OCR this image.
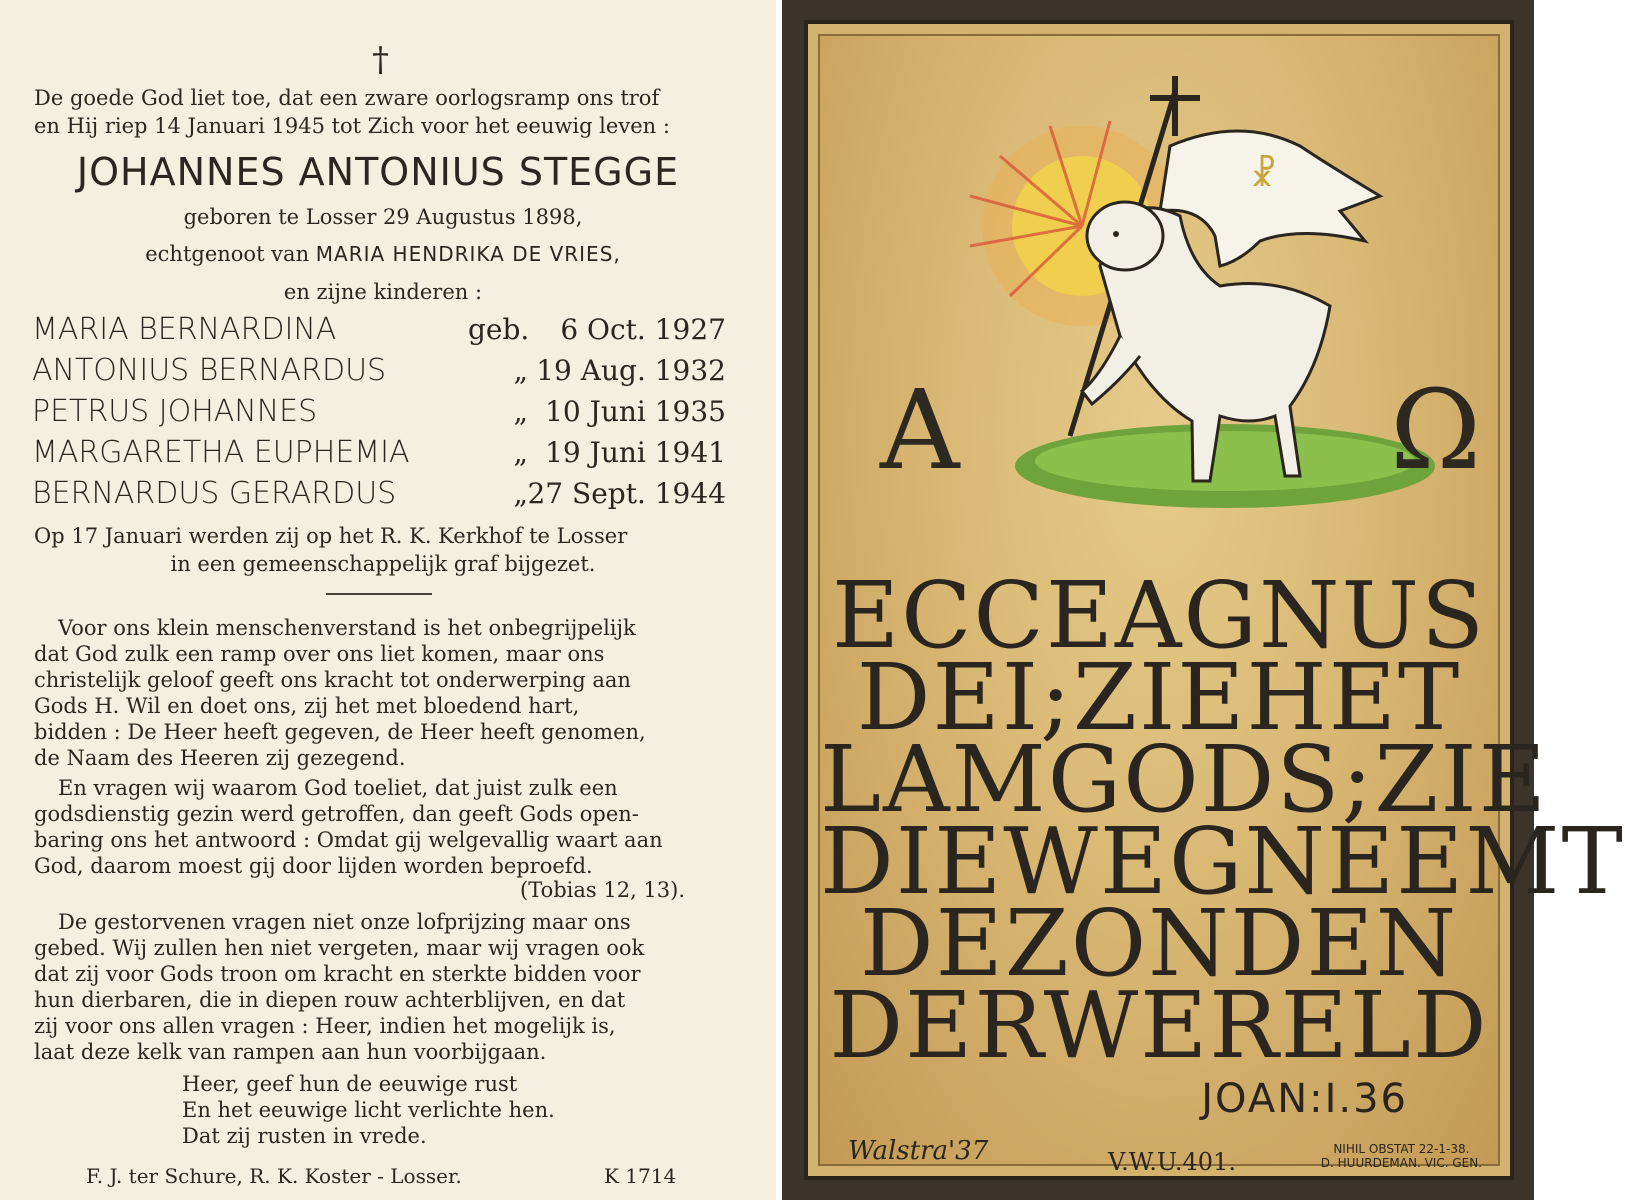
†
De goede God liet toe, dat een zware oorlogsramp ons trof
en Hij riep 14 Januari 1945 tot Zich voor het eeuwig leven :
JOHANNES ANTONIUS STEGGE
geboren te Losser 29 Augustus 1898,
echtgenoot van MARIA HENDRIKA DE VRIES,
en zijne kinderen :
MARIA BERNARDINA	geb. 6 Oct. 1927
ANTONIUS BERNARDUS	„ 19 Aug. 1932
PETRUS JOHANNES	„ 10 Juni 1935
MARGARETHA EUPHEMIA	„ 19 Juni 1941
BERNARDUS GERARDUS	„ 27 Sept. 1944
Op 17 Januari werden zij op het R. K. Kerkhof te Losser
in een gemeenschappelijk graf bijgezet.
Voor ons klein menschenverstand is het onbegrijpelijk
dat God zulk een ramp over ons liet komen, maar ons
christelijk geloof geeft ons kracht tot onderwerping aan
Gods H. Wil en doet ons, zij het met bloedend hart,
bidden : De Heer heeft gegeven, de Heer heeft genomen,
de Naam des Heeren zij gezegend.
En vragen wij waarom God toeliet, dat juist zulk een
godsdienstig gezin werd getroffen, dan geeft Gods open-
baring ons het antwoord : Omdat gij welgevallig waart aan
God, daarom moest gij door lijden worden beproefd.
(Tobias 12, 13).
De gestorvenen vragen niet onze lofprijzing maar ons
gebed. Wij zullen hen niet vergeten, maar wij vragen ook
dat zij voor Gods troon om kracht en sterkte bidden voor
hun dierbaren, die in diepen rouw achterblijven, en dat
zij voor ons allen vragen : Heer, indien het mogelijk is,
laat deze kelk van rampen aan hun voorbijgaan.
Heer, geef hun de eeuwige rust
En het eeuwige licht verlichte hen.
Dat zij rusten in vrede.
F. J. ter Schure, R. K. Koster - Losser.	K 1714
☧
A	Ω
ECCEAGNUS
DEI;ZIEHET
LAMGODS;ZIE
DIEWEGNEEMT
DEZONDEN
DERWERELD
JOAN:I.36
Walstra'37	V.W.U.401.	NIHIL OBSTAT 22-1-38.
D. HUURDEMAN. VIC. GEN.
